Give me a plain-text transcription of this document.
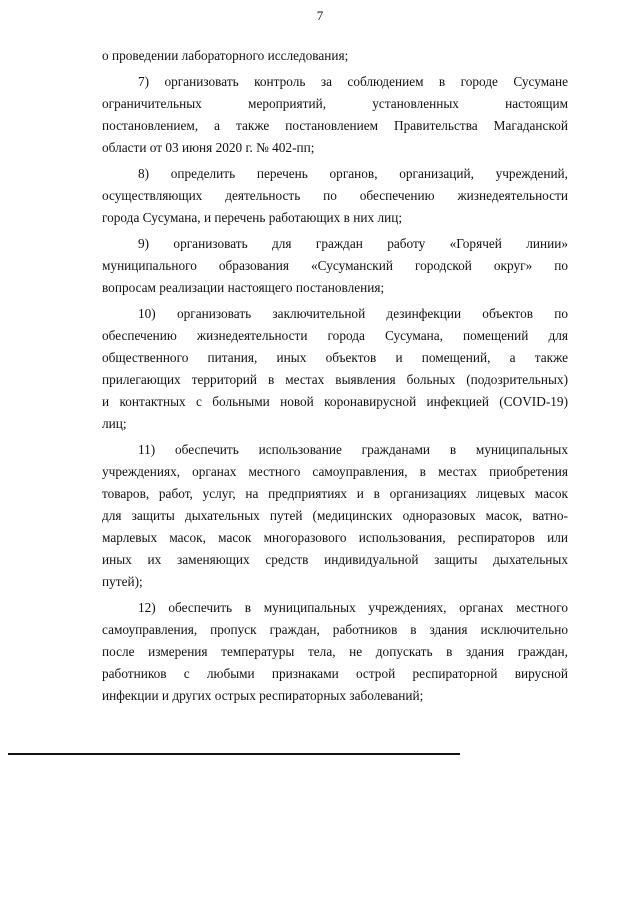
7
о проведении лабораторного исследования;
7) организовать контроль за соблюдением в городе Сусумане
ограничительных мероприятий, установленных настоящим
постановлением, а также постановлением Правительства Магаданской
области от 03 июня 2020 г. № 402-пп;
8) определить перечень органов, организаций, учреждений,
осуществляющих деятельность по обеспечению жизнедеятельности
города Сусумана, и перечень работающих в них лиц;
9) организовать для граждан работу «Горячей линии»
муниципального образования «Сусуманский городской округ» по
вопросам реализации настоящего постановления;
10) организовать заключительной дезинфекции объектов по
обеспечению жизнедеятельности города Сусумана, помещений для
общественного питания, иных объектов и помещений, а также
прилегающих территорий в местах выявления больных (подозрительных)
и контактных с больными новой коронавирусной инфекцией (COVID-19)
лиц;
11) обеспечить использование гражданами в муниципальных
учреждениях, органах местного самоуправления, в местах приобретения
товаров, работ, услуг, на предприятиях и в организациях лицевых масок
для защиты дыхательных путей (медицинских одноразовых масок, ватно-
марлевых масок, масок многоразового использования, респираторов или
иных их заменяющих средств индивидуальной защиты дыхательных
путей);
12) обеспечить в муниципальных учреждениях, органах местного
самоуправления, пропуск граждан, работников в здания исключительно
после измерения температуры тела, не допускать в здания граждан,
работников с любыми признаками острой респираторной вирусной
инфекции и других острых респираторных заболеваний;
